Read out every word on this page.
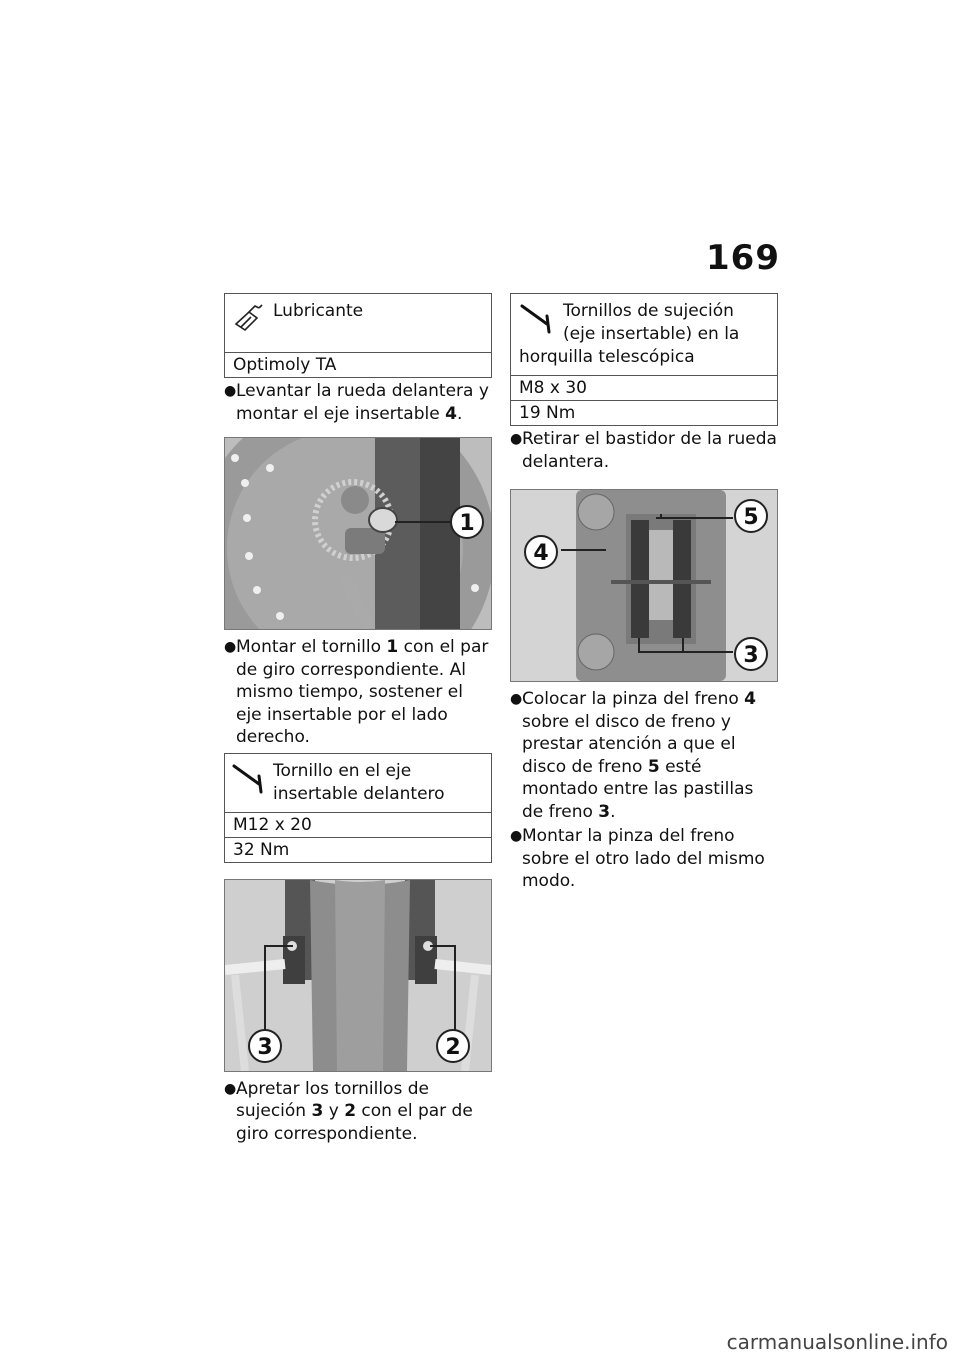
169
Lubricante
Optimoly TA
● Levantar la rueda delantera y montar el eje insertable 4.
1
● Montar el tornillo 1 con el par de giro correspondiente. Al mismo tiempo, sostener el eje insertable por el lado derecho.
Tornillo en el eje insertable delantero
M12 x 20
32 Nm
3	2
● Apretar los tornillos de sujeción 3 y 2 con el par de giro correspondiente.
Tornillos de sujeción (eje insertable) en la horquilla telescópica
M8 x 30
19 Nm
● Retirar el bastidor de la rueda delantera.
4
5
3
● Colocar la pinza del freno 4 sobre el disco de freno y prestar atención a que el disco de freno 5 esté montado entre las pastillas de freno 3.
● Montar la pinza del freno sobre el otro lado del mismo modo.
carmanualsonline.info
